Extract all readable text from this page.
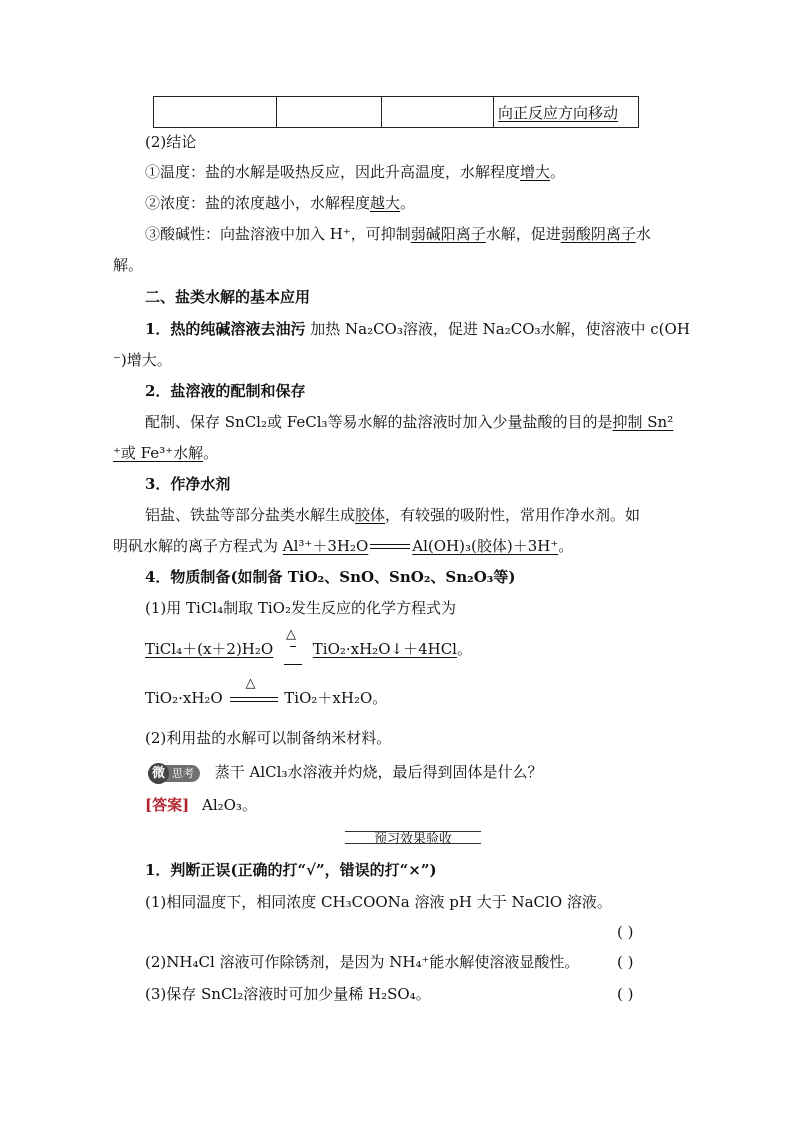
			向正反应方向移动
(2)结论
①温度：盐的水解是吸热反应，因此升高温度，水解程度增大。
②浓度：盐的浓度越小，水解程度越大。
③酸碱性：向盐溶液中加入 H⁺，可抑制弱碱阳离子水解，促进弱酸阴离子水
解。
二、盐类水解的基本应用
1．热的纯碱溶液去油污 加热 Na₂CO₃溶液，促进 Na₂CO₃水解，使溶液中 c(OH
⁻)增大。
2．盐溶液的配制和保存
配制、保存 SnCl₂或 FeCl₃等易水解的盐溶液时加入少量盐酸的目的是抑制 Sn²
⁺或 Fe³⁺水解。
3．作净水剂
铝盐、铁盐等部分盐类水解生成胶体，有较强的吸附性，常用作净水剂。如
明矾水解的离子方程式为 Al³⁺＋3H₂O	Al(OH)₃(胶体)＋3H⁺。
4．物质制备(如制备 TiO₂、SnO、SnO₂、Sn₂O₃等)
(1)用 TiCl₄制取 TiO₂发生反应的化学方程式为
TiCl₄＋(x＋2)H₂O
△
TiO₂·xH₂O↓＋4HCl。
TiO₂·xH₂O
△
TiO₂＋xH₂O。
(2)利用盐的水解可以制备纳米材料。
微 思考 蒸干 AlCl₃水溶液并灼烧，最后得到固体是什么？
[答案] Al₂O₃。
预习效果验收
1．判断正误(正确的打“√”，错误的打“×”)
(1)相同温度下，相同浓度 CH₃COONa 溶液 pH 大于 NaClO 溶液。
( )
(2)NH₄Cl 溶液可作除锈剂，是因为 NH₄⁺能水解使溶液显酸性。	( )
(3)保存 SnCl₂溶液时可加少量稀 H₂SO₄。	( )
